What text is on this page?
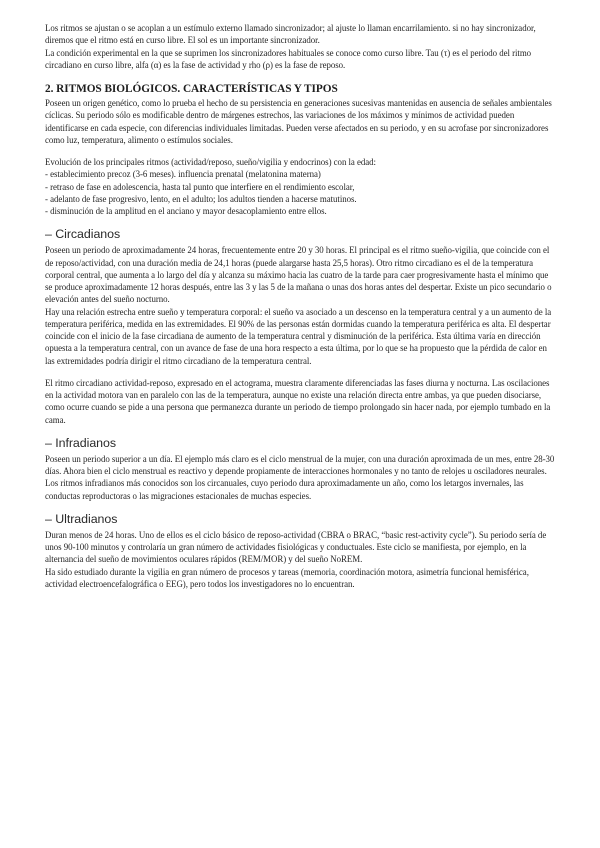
Los ritmos se ajustan o se acoplan a un estímulo externo llamado sincronizador; al ajuste lo llaman encarrilamiento. si no hay sincronizador, diremos que el ritmo está en curso libre. El sol es un importante sincronizador.

La condición experimental en la que se suprimen los sincronizadores habituales se conoce como curso libre. Tau (τ) es el periodo del ritmo circadiano en curso libre, alfa (α) es la fase de actividad y rho (ρ) es la fase de reposo.

2. RITMOS BIOLÓGICOS. CARACTERÍSTICAS Y TIPOS

Poseen un origen genético, como lo prueba el hecho de su persistencia en generaciones sucesivas mantenidas en ausencia de señales ambientales cíclicas. Su periodo sólo es modificable dentro de márgenes estrechos, las variaciones de los máximos y mínimos de actividad pueden identificarse en cada especie, con diferencias individuales limitadas. Pueden verse afectados en su periodo, y en su acrofase por sincronizadores como luz, temperatura, alimento o estímulos sociales.

Evolución de los principales ritmos (actividad/reposo, sueño/vigilia y endocrinos) con la edad:

- establecimiento precoz (3-6 meses). influencia prenatal (melatonina materna)
- retraso de fase en adolescencia, hasta tal punto que interfiere en el rendimiento escolar,
- adelanto de fase progresivo, lento, en el adulto; los adultos tienden a hacerse matutinos.
- disminución de la amplitud en el anciano y mayor desacoplamiento entre ellos.
– Circadianos

Poseen un periodo de aproximadamente 24 horas, frecuentemente entre 20 y 30 horas. El principal es el ritmo sueño-vigilia, que coincide con el de reposo/actividad, con una duración media de 24,1 horas (puede alargarse hasta 25,5 horas). Otro ritmo circadiano es el de la temperatura corporal central, que aumenta a lo largo del día y alcanza su máximo hacia las cuatro de la tarde para caer progresivamente hasta el mínimo que se produce aproximadamente 12 horas después, entre las 3 y las 5 de la mañana o unas dos horas antes del despertar. Existe un pico secundario o elevación antes del sueño nocturno.

Hay una relación estrecha entre sueño y temperatura corporal: el sueño va asociado a un descenso en la temperatura central y a un aumento de la temperatura periférica, medida en las extremidades. El 90% de las personas están dormidas cuando la temperatura periférica es alta. El despertar coincide con el inicio de la fase circadiana de aumento de la temperatura central y disminución de la periférica. Esta última varía en dirección opuesta a la temperatura central, con un avance de fase de una hora respecto a esta última, por lo que se ha propuesto que la pérdida de calor en las extremidades podría dirigir el ritmo circadiano de la temperatura central.

El ritmo circadiano actividad-reposo, expresado en el actograma, muestra claramente diferenciadas las fases diurna y nocturna. Las oscilaciones en la actividad motora van en paralelo con las de la temperatura, aunque no existe una relación directa entre ambas, ya que pueden disociarse, como ocurre cuando se pide a una persona que permanezca durante un periodo de tiempo prolongado sin hacer nada, por ejemplo tumbado en la cama.

– Infradianos

Poseen un periodo superior a un día. El ejemplo más claro es el ciclo menstrual de la mujer, con una duración aproximada de un mes, entre 28-30 días. Ahora bien el ciclo menstrual es reactivo y depende propiamente de interacciones hormonales y no tanto de relojes u osciladores neurales.

Los ritmos infradianos más conocidos son los circanuales, cuyo periodo dura aproximadamente un año, como los letargos invernales, las conductas reproductoras o las migraciones estacionales de muchas especies.

– Ultradianos

Duran menos de 24 horas. Uno de ellos es el ciclo básico de reposo-actividad (CBRA o BRAC, “basic rest-activity cycle”). Su periodo sería de unos 90-100 minutos y controlaría un gran número de actividades fisiológicas y conductuales. Este ciclo se manifiesta, por ejemplo, en la alternancia del sueño de movimientos oculares rápidos (REM/MOR) y del sueño NoREM.

Ha sido estudiado durante la vigilia en gran número de procesos y tareas (memoria, coordinación motora, asimetría funcional hemisférica, actividad electroencefalográfica o EEG), pero todos los investigadores no lo encuentran.
